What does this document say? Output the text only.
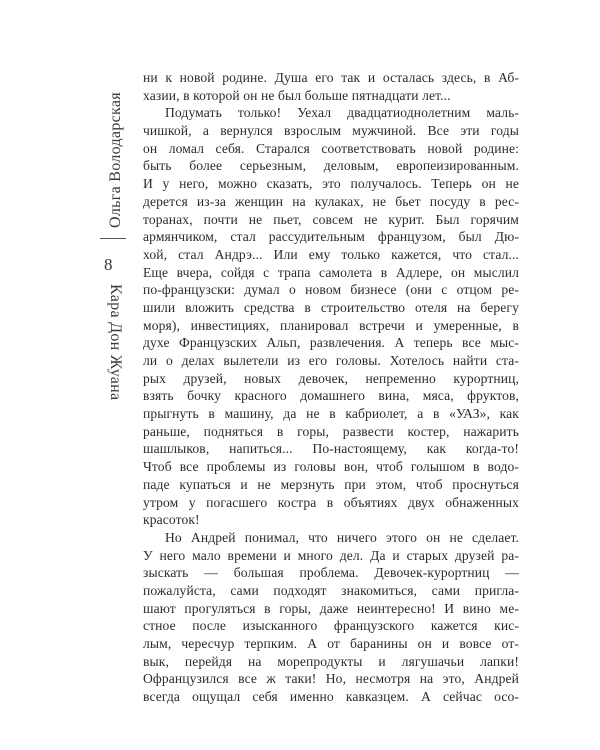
Ольга Володарская
8
Кара Дон Жуана
ни к новой родине. Душа его так и осталась здесь, в Аб-
хазии, в которой он не был больше пятнадцати лет...
Подумать только! Уехал двадцатиоднолетним маль-
чишкой, а вернулся взрослым мужчиной. Все эти годы
он ломал себя. Старался соответствовать новой родине:
быть более серьезным, деловым, европеизированным.
И у него, можно сказать, это получалось. Теперь он не
дерется из-за женщин на кулаках, не бьет посуду в рес-
торанах, почти не пьет, совсем не курит. Был горячим
армянчиком, стал рассудительным французом, был Дю-
хой, стал Андрэ... Или ему только кажется, что стал...
Еще вчера, сойдя с трапа самолета в Адлере, он мыслил
по-французски: думал о новом бизнесе (они с отцом ре-
шили вложить средства в строительство отеля на берегу
моря), инвестициях, планировал встречи и умеренные, в
духе Французских Альп, развлечения. А теперь все мыс-
ли о делах вылетели из его головы. Хотелось найти ста-
рых друзей, новых девочек, непременно курортниц,
взять бочку красного домашнего вина, мяса, фруктов,
прыгнуть в машину, да не в кабриолет, а в «УАЗ», как
раньше, подняться в горы, развести костер, нажарить
шашлыков, напиться... По-настоящему, как когда-то!
Чтоб все проблемы из головы вон, чтоб голышом в водо-
паде купаться и не мерзнуть при этом, чтоб проснуться
утром у погасшего костра в объятиях двух обнаженных
красоток!
Но Андрей понимал, что ничего этого он не сделает.
У него мало времени и много дел. Да и старых друзей ра-
зыскать — большая проблема. Девочек-курортниц —
пожалуйста, сами подходят знакомиться, сами пригла-
шают прогуляться в горы, даже неинтересно! И вино ме-
стное после изысканного французского кажется кис-
лым, чересчур терпким. А от баранины он и вовсе от-
вык, перейдя на морепродукты и лягушачьи лапки!
Офранцузился все ж таки! Но, несмотря на это, Андрей
всегда ощущал себя именно кавказцем. А сейчас осо-
